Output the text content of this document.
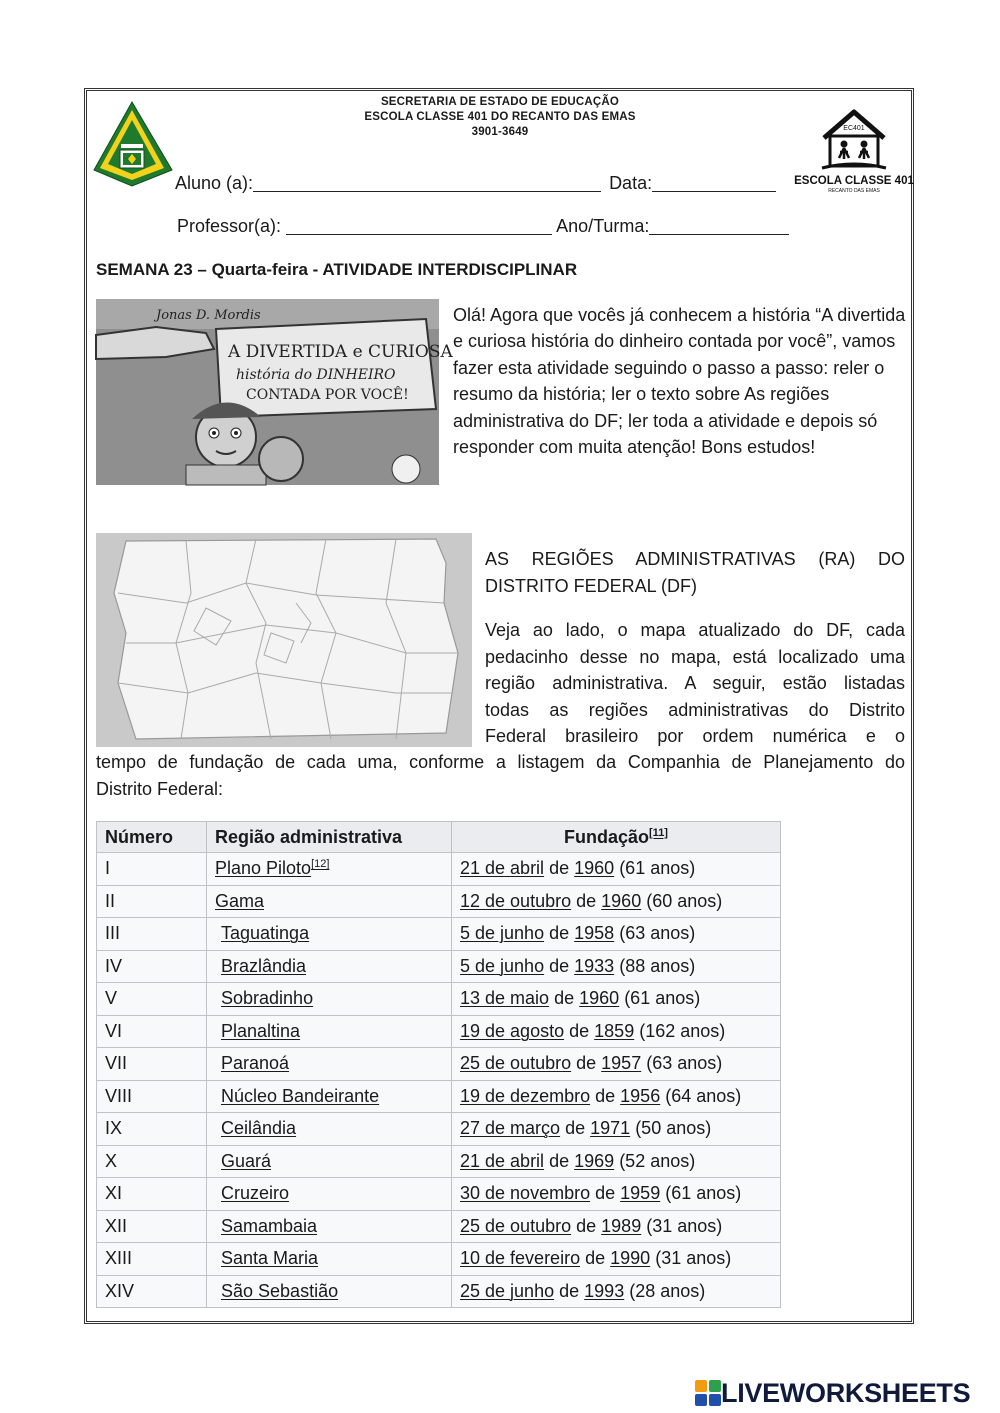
SECRETARIA DE ESTADO DE EDUCAÇÃO
ESCOLA CLASSE 401 DO RECANTO DAS EMAS
3901-3649	EC401
ESCOLA CLASSE 401
RECANTO DAS EMAS
Aluno (a):	Data:
Professor(a):	Ano/Turma:
SEMANA 23 – Quarta-feira - ATIVIDADE INTERDISCIPLINAR
Jonas D. Mordis
A DIVERTIDA e CURIOSA
história do DINHEIRO
CONTADA POR VOCÊ!
Olá! Agora que vocês já conhecem a história “A divertida e curiosa história do dinheiro contada por você”, vamos fazer esta atividade seguindo o passo a passo: reler o resumo da história; ler o texto sobre As regiões administrativa do DF; ler toda a atividade e depois só responder com muita atenção! Bons estudos!
AS REGIÕES ADMINISTRATIVAS (RA) DO
DISTRITO FEDERAL (DF)
Veja ao lado, o mapa atualizado do DF, cada
pedacinho desse no mapa, está localizado uma
região administrativa. A seguir, estão listadas
todas as regiões administrativas do Distrito
Federal brasileiro por ordem numérica e o
tempo de fundação de cada uma, conforme a listagem da Companhia de Planejamento do
Distrito Federal:
Número	Região administrativa	Fundação[11]
I	Plano Piloto[12]	21 de abril de 1960 (61 anos)
II	Gama	12 de outubro de 1960 (60 anos)
III	Taguatinga	5 de junho de 1958 (63 anos)
IV	Brazlândia	5 de junho de 1933 (88 anos)
V	Sobradinho	13 de maio de 1960 (61 anos)
VI	Planaltina	19 de agosto de 1859 (162 anos)
VII	Paranoá	25 de outubro de 1957 (63 anos)
VIII	Núcleo Bandeirante	19 de dezembro de 1956 (64 anos)
IX	Ceilândia	27 de março de 1971 (50 anos)
X	Guará	21 de abril de 1969 (52 anos)
XI	Cruzeiro	30 de novembro de 1959 (61 anos)
XII	Samambaia	25 de outubro de 1989 (31 anos)
XIII	Santa Maria	10 de fevereiro de 1990 (31 anos)
XIV	São Sebastião	25 de junho de 1993 (28 anos)
LIVEWORKSHEETS
